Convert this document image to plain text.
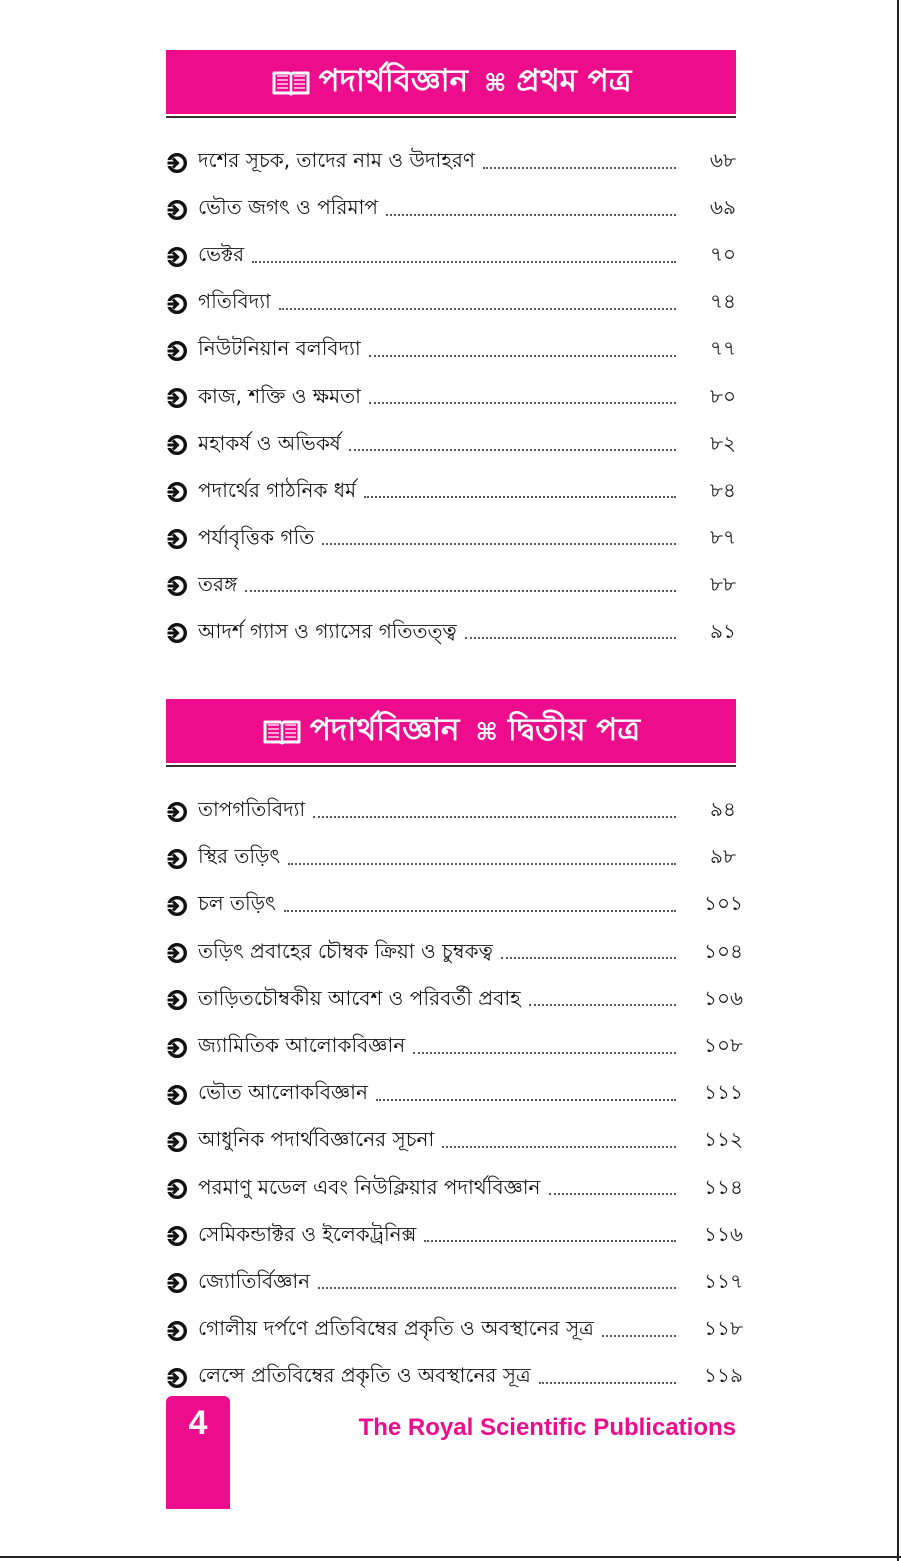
পদার্থবিজ্ঞান ⌘ প্রথম পত্র
দশের সূচক, তাদের নাম ও উদাহরণ	৬৮
ভৌত জগৎ ও পরিমাপ	৬৯
ভেক্টর	৭০
গতিবিদ্যা	৭৪
নিউটনিয়ান বলবিদ্যা	৭৭
কাজ, শক্তি ও ক্ষমতা	৮০
মহাকর্ষ ও অভিকর্ষ	৮২
পদার্থের গাঠনিক ধর্ম	৮৪
পর্যাবৃত্তিক গতি	৮৭
তরঙ্গ	৮৮
আদর্শ গ্যাস ও গ্যাসের গতিতত্ত্ব	৯১
পদার্থবিজ্ঞান ⌘ দ্বিতীয় পত্র
তাপগতিবিদ্যা	৯৪
স্থির তড়িৎ	৯৮
চল তড়িৎ	১০১
তড়িৎ প্রবাহের চৌম্বক ক্রিয়া ও চুম্বকত্ব	১০৪
তাড়িতচৌম্বকীয় আবেশ ও পরিবর্তী প্রবাহ	১০৬
জ্যামিতিক আলোকবিজ্ঞান	১০৮
ভৌত আলোকবিজ্ঞান	১১১
আধুনিক পদার্থবিজ্ঞানের সূচনা	১১২
পরমাণু মডেল এবং নিউক্লিয়ার পদার্থবিজ্ঞান	১১৪
সেমিকন্ডাক্টর ও ইলেকট্রনিক্স	১১৬
জ্যোতির্বিজ্ঞান	১১৭
গোলীয় দর্পণে প্রতিবিম্বের প্রকৃতি ও অবস্থানের সূত্র	১১৮
লেন্সে প্রতিবিম্বের প্রকৃতি ও অবস্থানের সূত্র	১১৯
4	The Royal Scientific Publications
